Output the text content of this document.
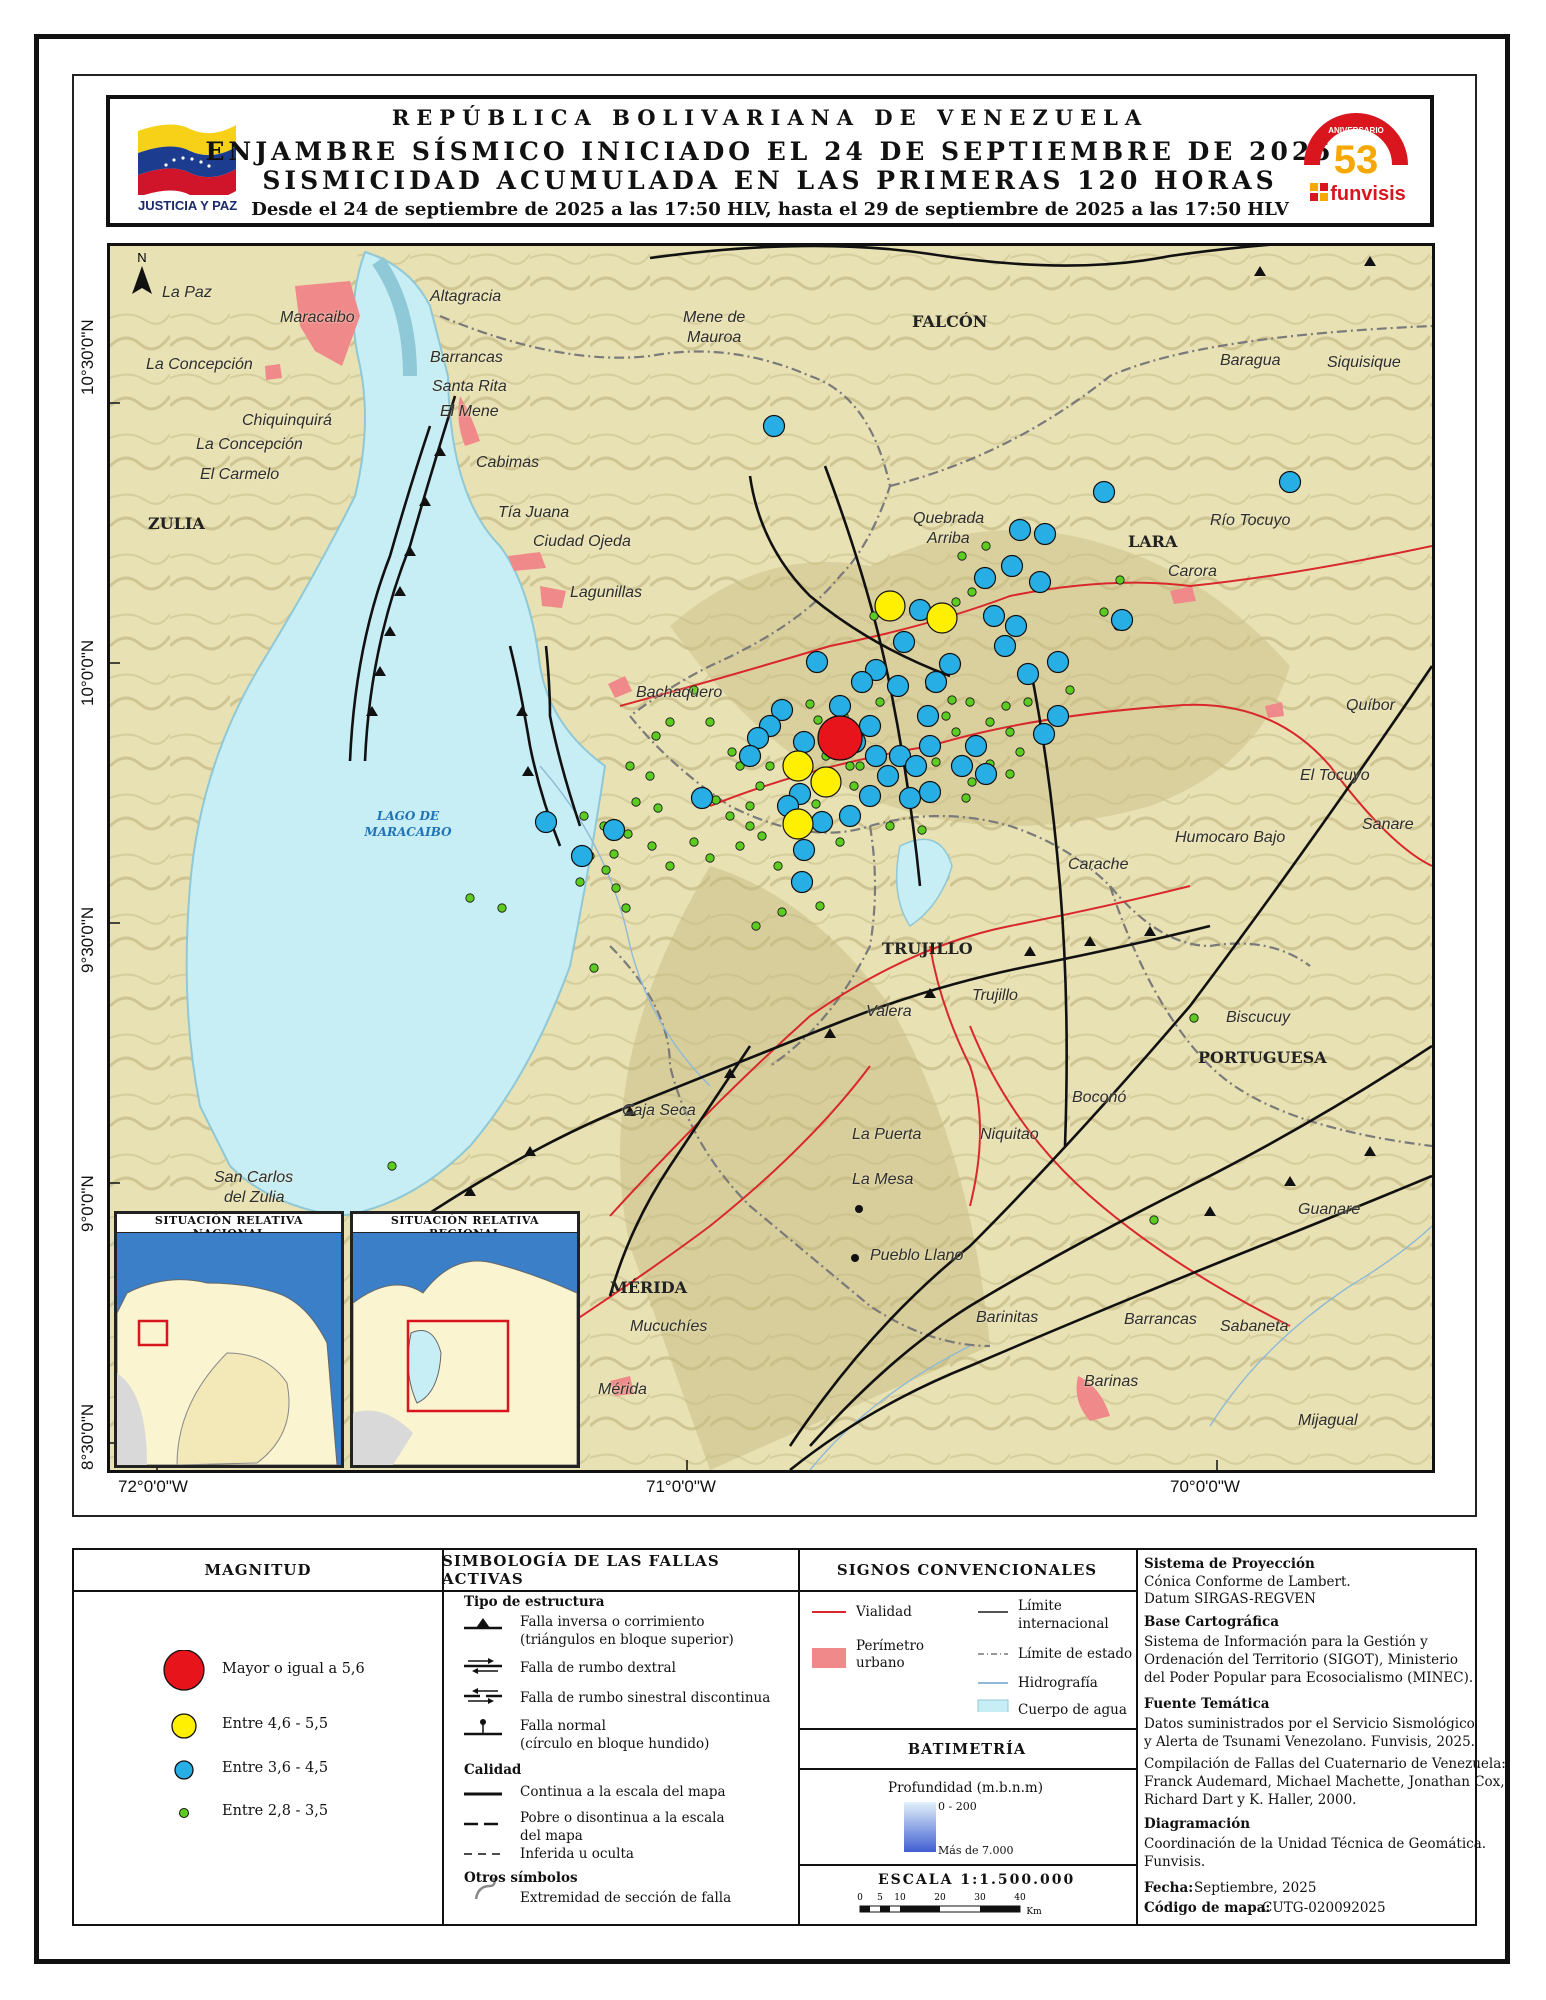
JUSTICIA Y PAZ
REPÚBLICA BOLIVARIANA DE VENEZUELA
ENJAMBRE SÍSMICO INICIADO EL 24 DE SEPTIEMBRE DE 2025
SISMICIDAD ACUMULADA EN LAS PRIMERAS 120 HORAS
Desde el 24 de septiembre de 2025 a las 17:50 HLV, hasta el 29 de septiembre de 2025 a las 17:50 HLV
ANIVERSARIO
53
funvisis
N
LAGO DE
MARACAIBO
La Paz
Maracaibo
Altagracia
Mene de
Mauroa
La Concepción	Barrancas
Santa Rita
El Mene
Chiquinquirá
La Concepción
El Carmelo
Cabimas
Tía Juana
Ciudad Ojeda
Lagunillas
Bachaquero
Quebrada
Arriba
Carora
Río Tocuyo
Baragua	Siquisique
Quíbor
El Tocuyo
Sanare
Humocaro Bajo
Carache
Trujillo
Valera	Biscucuy
Boconó
Caja Seca
La Puerta	Niquitao
La Mesa
San Carlos
del Zulia
Guanare
Pueblo Llano
Mucuchíes
Barinitas	Barrancas Sabaneta
Barinas
Mérida
Mijagual
FALCÓN
ZULIA
LARA
TRUJILLO
PORTUGUESA
MÉRIDA
SITUACIÓN RELATIVA	SITUACIÓN RELATIVA
10°30'0"N
10°0'0"N
9°30'0"N
9°0'0"N
8°30'0"N
72°0'0"W	71°0'0"W	70°0'0"W
MAGNITUD
Mayor o igual a 5,6
Entre 4,6 - 5,5
Entre 3,6 - 4,5
Entre 2,8 - 3,5
SIMBOLOGÍA DE LAS FALLAS ACTIVAS
Tipo de estructura
Falla inversa o corrimiento
(triángulos en bloque superior)
Falla de rumbo dextral
Falla de rumbo sinestral discontinua
Falla normal
(círculo en bloque hundido)
Calidad
Continua a la escala del mapa
Pobre o disontinua a la escala
del mapa
Inferida u oculta
Otros símbolos
Extremidad de sección de falla
SIGNOS CONVENCIONALES
Vialidad
Perímetro
urbano
Límite
internacional
Límite de estado
Hidrografía
Cuerpo de agua
BATIMETRÍA
Profundidad (m.b.n.m)
0 - 200
Más de 7.000
ESCALA 1:1.500.000
0 5 10	20	30	40
Km
Sistema de Proyección
Cónica Conforme de Lambert.
Datum SIRGAS-REGVEN
Base Cartográfica
Sistema de Información para la Gestión y
Ordenación del Territorio (SIGOT), Ministerio
del Poder Popular para Ecosocialismo (MINEC).
Fuente Temática
Datos suministrados por el Servicio Sismológico
y Alerta de Tsunami Venezolano. Funvisis, 2025.
Compilación de Fallas del Cuaternario de Venezuela:
Franck Audemard, Michael Machette, Jonathan Cox,
Richard Dart y K. Haller, 2000.
Diagramación
Coordinación de la Unidad Técnica de Geomática.
Funvisis.
Fecha: Septiembre, 2025
Código de mapa:
CUTG-020092025
